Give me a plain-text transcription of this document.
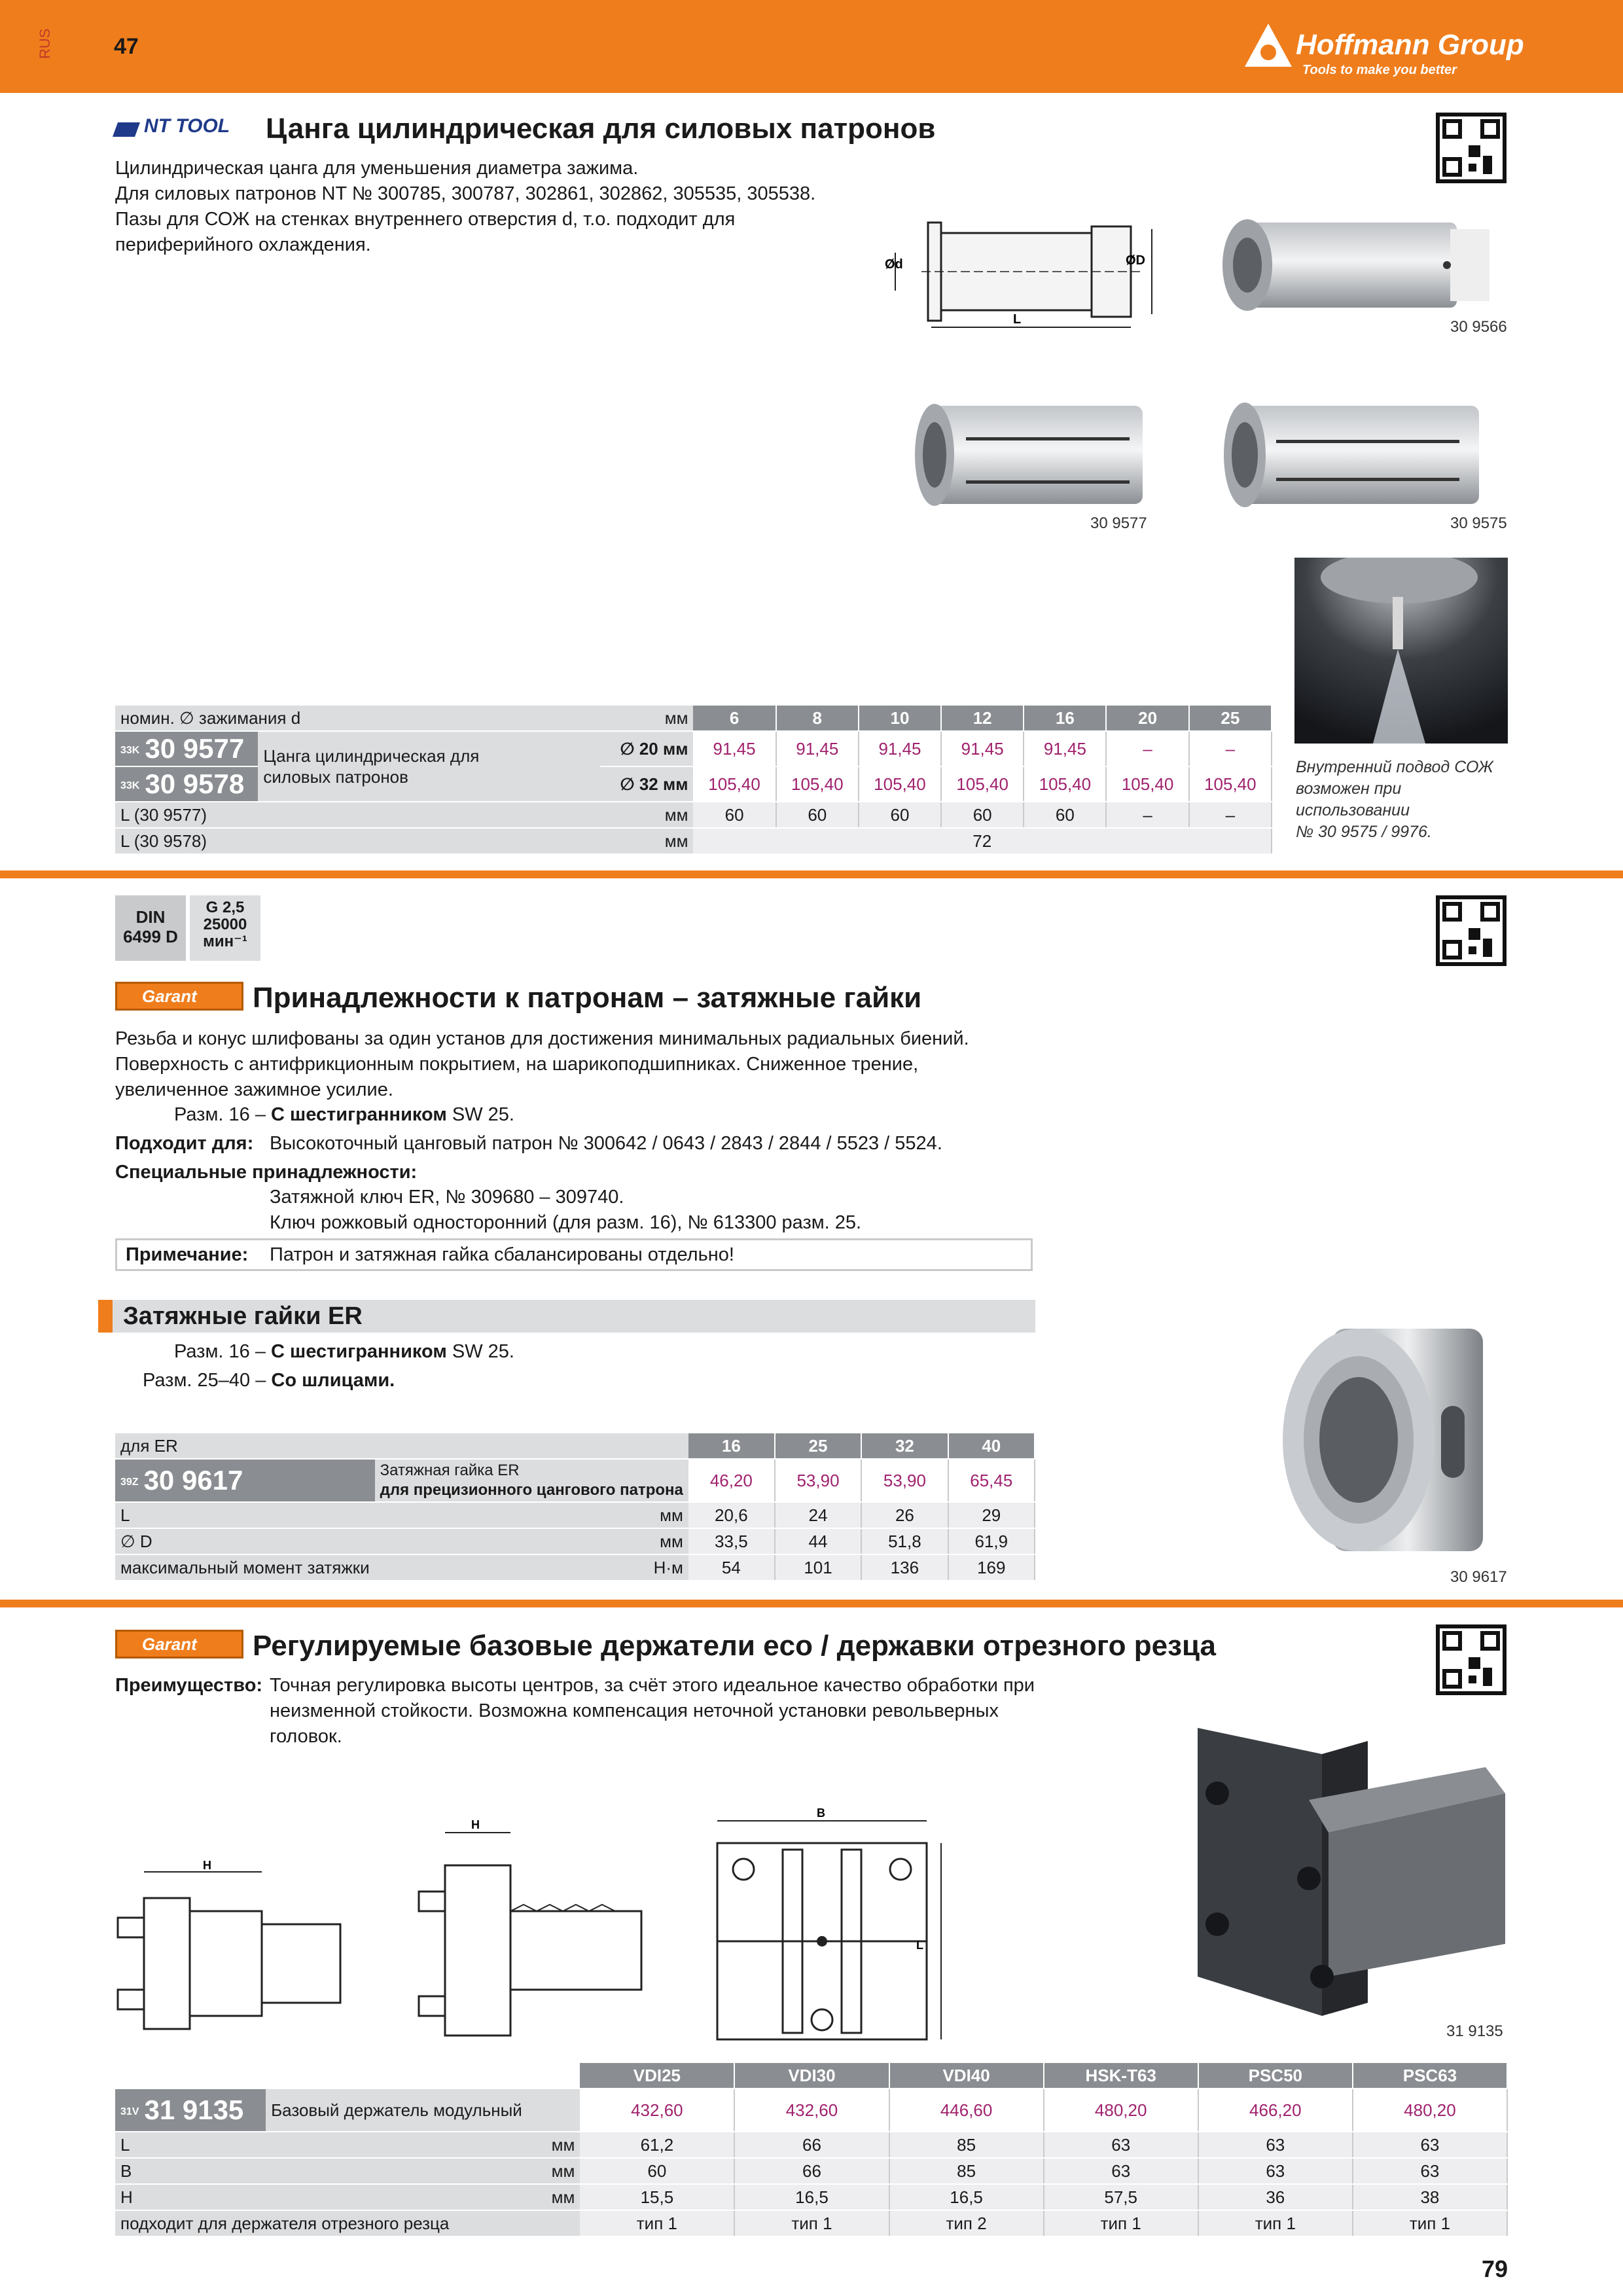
RUS	47	Hoffmann Group
Tools to make you better
NT TOOL Цанга цилиндрическая для силовых патронов
Цилиндрическая цанга для уменьшения диаметра зажима.
Для силовых патронов NT № 300785, 300787, 302861, 302862, 305535, 305538.
Пазы для СОЖ на стенках внутреннего отверстия d, т.о. подходит для
периферийного охлаждения.
Ød	ØD
L	30 9566
30 9577	30 9575
Внутренний подвод СОЖ
возможен при
использовании
№ 30 9575 / 9976.
номин. ∅ зажимания d		мм	6	8	10	12	16	20	25
33K 30 9577	Цанга цилиндрическая для
силовых патронов	∅ 20 мм	91,45	91,45	91,45	91,45	91,45	–	–
33K 30 9578		∅ 32 мм	105,40	105,40	105,40	105,40	105,40	105,40	105,40
L (30 9577)		мм	60	60	60	60	60	–	–
L (30 9578)		мм	72						
DIN
6499 D
G 2,5
25000
мин⁻¹
Garant	Принадлежности к патронам – затяжные гайки
Резьба и конус шлифованы за один установ для достижения минимальных радиальных биений.
Поверхность с антифрикционным покрытием, на шарикоподшипниках. Сниженное трение,
увеличенное зажимное усилие.
Разм. 16 – С шестигранником SW 25.
Подходит для: Высокоточный цанговый патрон № 300642 / 0643 / 2843 / 2844 / 5523 / 5524.
Специальные принадлежности:
Затяжной ключ ER, № 309680 – 309740.
Ключ рожковый односторонний (для разм. 16), № 613300 разм. 25.
Примечание: Патрон и затяжная гайка сбалансированы отдельно!
Затяжные гайки ER
Разм. 16 – С шестигранником SW 25.
Разм. 25–40 – Со шлицами.
30 9617
для ER		16	25	32	40
39Z 30 9617	Затяжная гайка ER
для прецизионного цангового патрона	46,20	53,90	53,90	65,45
L	мм	20,6	24	26	29
∅ D	мм	33,5	44	51,8	61,9
максимальный момент затяжки	Н·м	54	101	136	169
Garant	Регулируемые базовые держатели eco / державки отрезного резца
Преимущество: Точная регулировка высоты центров, за счёт этого идеальное качество обработки при
неизменной стойкости. Возможна компенсация неточной установки револьверных
головок.
H
H
B
L
31 9135
		VDI25	VDI30	VDI40	HSK-T63	PSC50	PSC63
31V 31 9135	Базовый держатель модульный	432,60	432,60	446,60	480,20	466,20	480,20
L	мм	61,2	66	85	63	63	63
B	мм	60	66	85	63	63	63
H	мм	15,5	16,5	16,5	57,5	36	38
подходит для держателя отрезного резца		тип 1	тип 1	тип 2	тип 1	тип 1	тип 1
79
